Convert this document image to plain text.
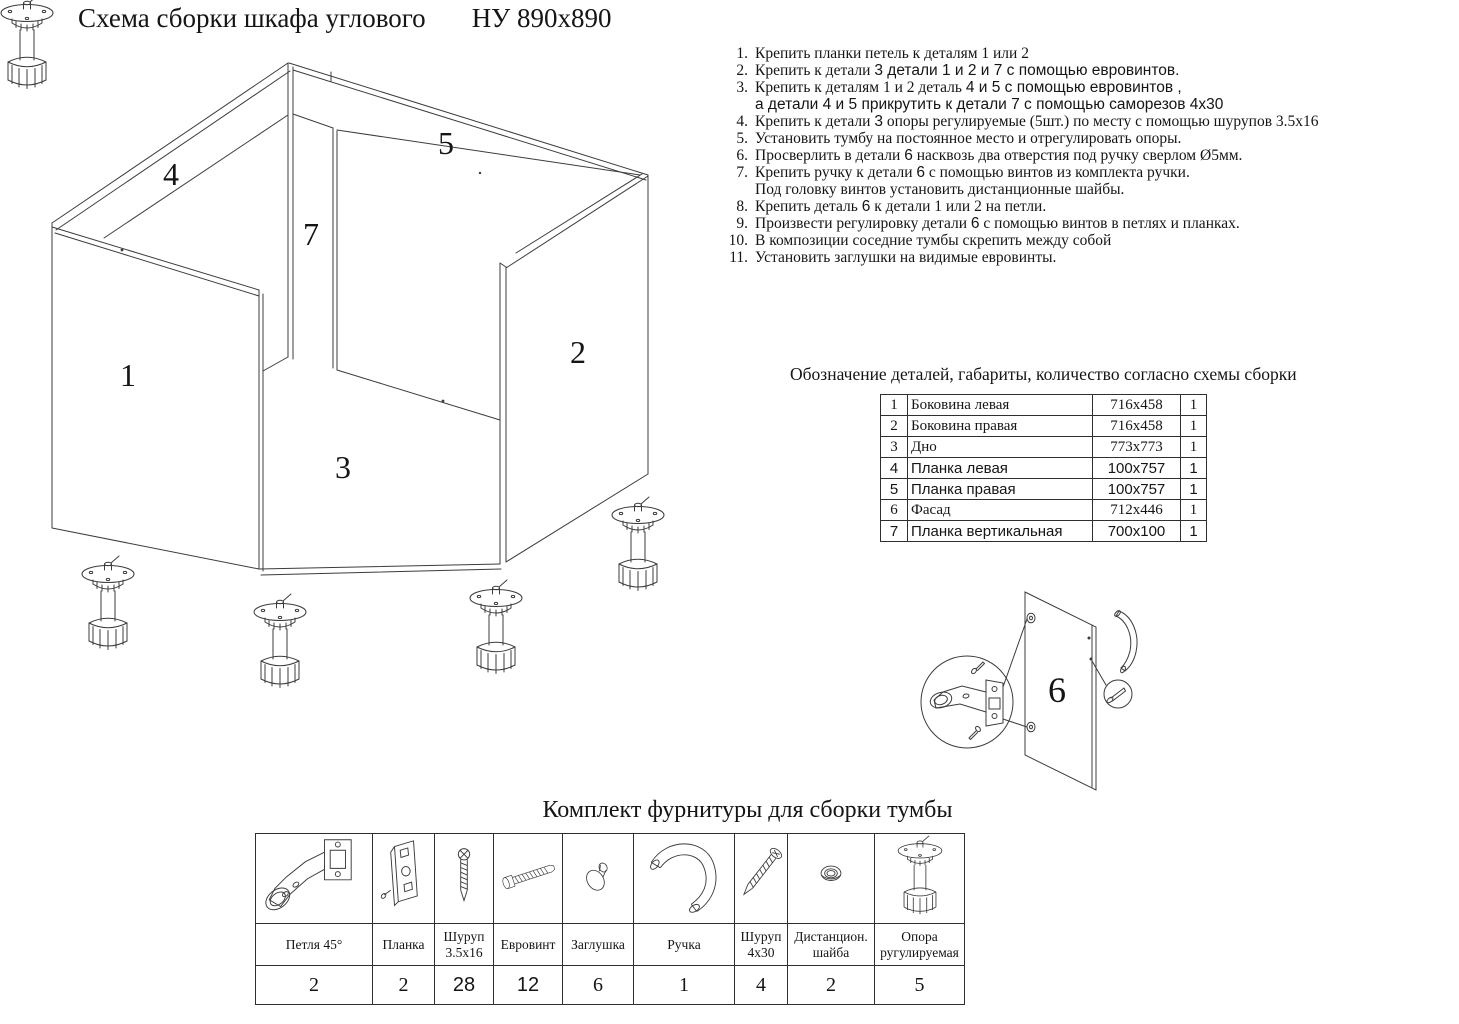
Схема сборки шкафа углового НУ 890х890
1
2
3
4
5
7
1. Крепить планки петель к деталям 1 или 2
2. Крепить к детали 3 детали 1 и 2 и 7 с помощью евровинтов.
3. Крепить к деталям 1 и 2 деталь 4 и 5 с помощью евровинтов ,
а детали 4 и 5 прикрутить к детали 7 с помощью саморезов 4х30
4. Крепить к детали 3 опоры регулируемые (5шт.) по месту с помощью шурупов 3.5х16
5. Установить тумбу на постоянное место и отрегулировать опоры.
6. Просверлить в детали 6 насквозь два отверстия под ручку сверлом Ø5мм.
7. Крепить ручку к детали 6 с помощью винтов из комплекта ручки.
Под головку винтов установить дистанционные шайбы.
8. Крепить деталь 6 к детали 1 или 2 на петли.
9. Произвести регулировку детали 6 с помощью винтов в петлях и планках.
10. В композиции соседние тумбы скрепить между собой
11. Установить заглушки на видимые евровинты.
Обозначение деталей, габариты, количество согласно схемы сборки
1	Боковина левая	716х458	1
2	Боковина правая	716х458	1
3	Дно	773х773	1
4	Планка левая	100х757	1
5	Планка правая	100х757	1
6	Фасад	712х446	1
7	Планка вертикальная	700х100	1
6
Комплект фурнитуры для сборки тумбы

Петля 45°	Планка	Шуруп 3.5х16	Евровинт	Заглушка	Ручка	Шуруп 4х30	Дистанцион. шайба	Опора ругулируемая
2	2	28	12	6	1	4	2	5
